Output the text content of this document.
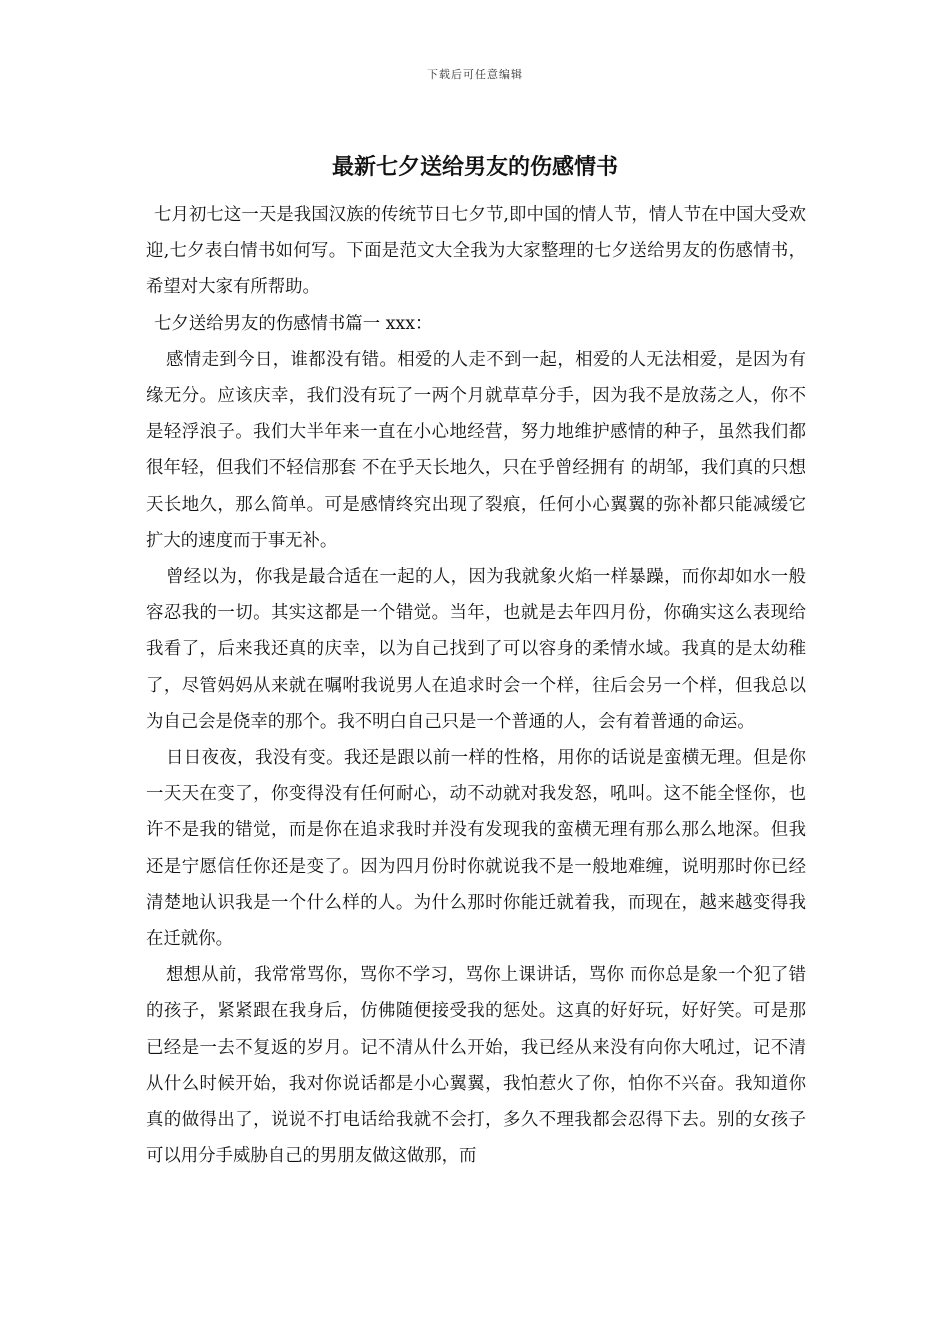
下载后可任意编辑
最新七夕送给男友的伤感情书

七月初七这一天是我国汉族的传统节日七夕节,即中国的情人节，情人节在中国大受欢迎,七夕表白情书如何写。下面是范文大全我为大家整理的七夕送给男友的伤感情书，希望对大家有所帮助。

七夕送给男友的伤感情书篇一 xxx：

感情走到今日，谁都没有错。相爱的人走不到一起，相爱的人无法相爱，是因为有缘无分。应该庆幸，我们没有玩了一两个月就草草分手，因为我不是放荡之人，你不是轻浮浪子。我们大半年来一直在小心地经营，努力地维护感情的种子，虽然我们都很年轻，但我们不轻信那套 不在乎天长地久，只在乎曾经拥有 的胡邹，我们真的只想天长地久，那么简单。可是感情终究出现了裂痕，任何小心翼翼的弥补都只能减缓它扩大的速度而于事无补。

曾经以为，你我是最合适在一起的人，因为我就象火焰一样暴躁，而你却如水一般容忍我的一切。其实这都是一个错觉。当年，也就是去年四月份，你确实这么表现给我看了，后来我还真的庆幸，以为自己找到了可以容身的柔情水域。我真的是太幼稚了，尽管妈妈从来就在嘱咐我说男人在追求时会一个样，往后会另一个样，但我总以为自己会是侥幸的那个。我不明白自己只是一个普通的人，会有着普通的命运。

日日夜夜，我没有变。我还是跟以前一样的性格，用你的话说是蛮横无理。但是你一天天在变了，你变得没有任何耐心，动不动就对我发怒，吼叫。这不能全怪你，也许不是我的错觉，而是你在追求我时并没有发现我的蛮横无理有那么那么地深。但我还是宁愿信任你还是变了。因为四月份时你就说我不是一般地难缠，说明那时你已经清楚地认识我是一个什么样的人。为什么那时你能迁就着我，而现在，越来越变得我在迁就你。

想想从前，我常常骂你，骂你不学习，骂你上课讲话，骂你 而你总是象一个犯了错的孩子，紧紧跟在我身后，仿佛随便接受我的惩处。这真的好好玩，好好笑。可是那已经是一去不复返的岁月。记不清从什么开始，我已经从来没有向你大吼过，记不清从什么时候开始，我对你说话都是小心翼翼，我怕惹火了你，怕你不兴奋。我知道你真的做得出了，说说不打电话给我就不会打，多久不理我都会忍得下去。别的女孩子可以用分手威胁自己的男朋友做这做那，而
